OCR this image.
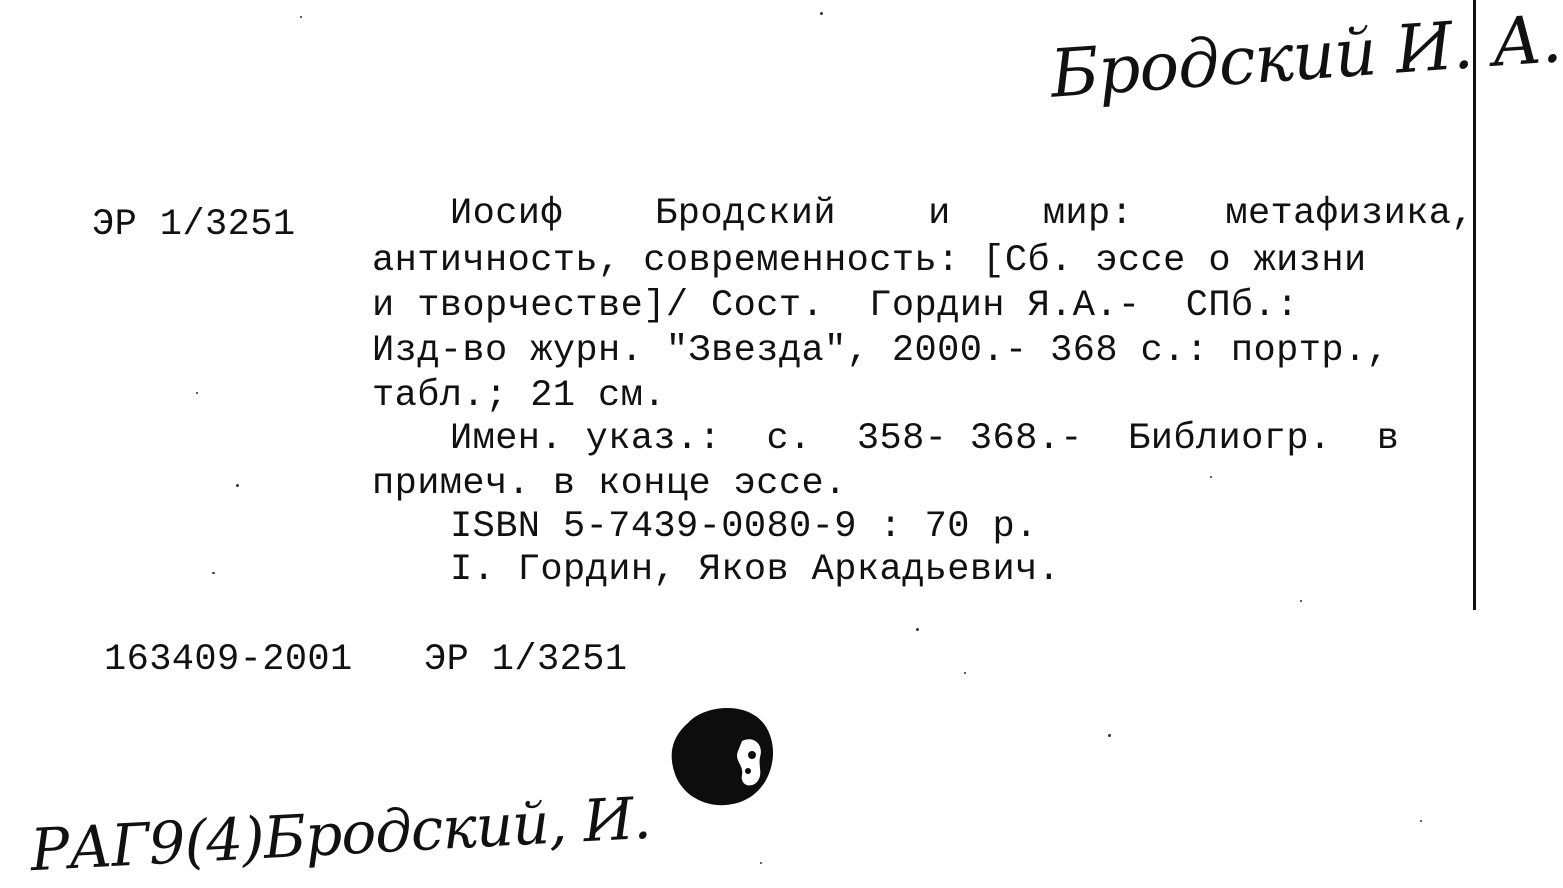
Бродский И. А.
ЭР 1/3251	Иосиф Бродский и мир: метафизика,
античность, современность: [Сб. эссе о жизни
и творчестве]/ Сост.  Гордин Я.А.-  СПб.:
Изд-во журн. "Звезда", 2000.- 368 с.: портр.,
табл.; 21 см.
Имен. указ.:  с.  358- 368.-  Библиогр.  в
примеч. в конце эссе.
ISBN 5-7439-0080-9 : 70 р.
I. Гордин, Яков Аркадьевич.
163409-2001 ЭР 1/3251
РАГ9(4)Бродский, И.
